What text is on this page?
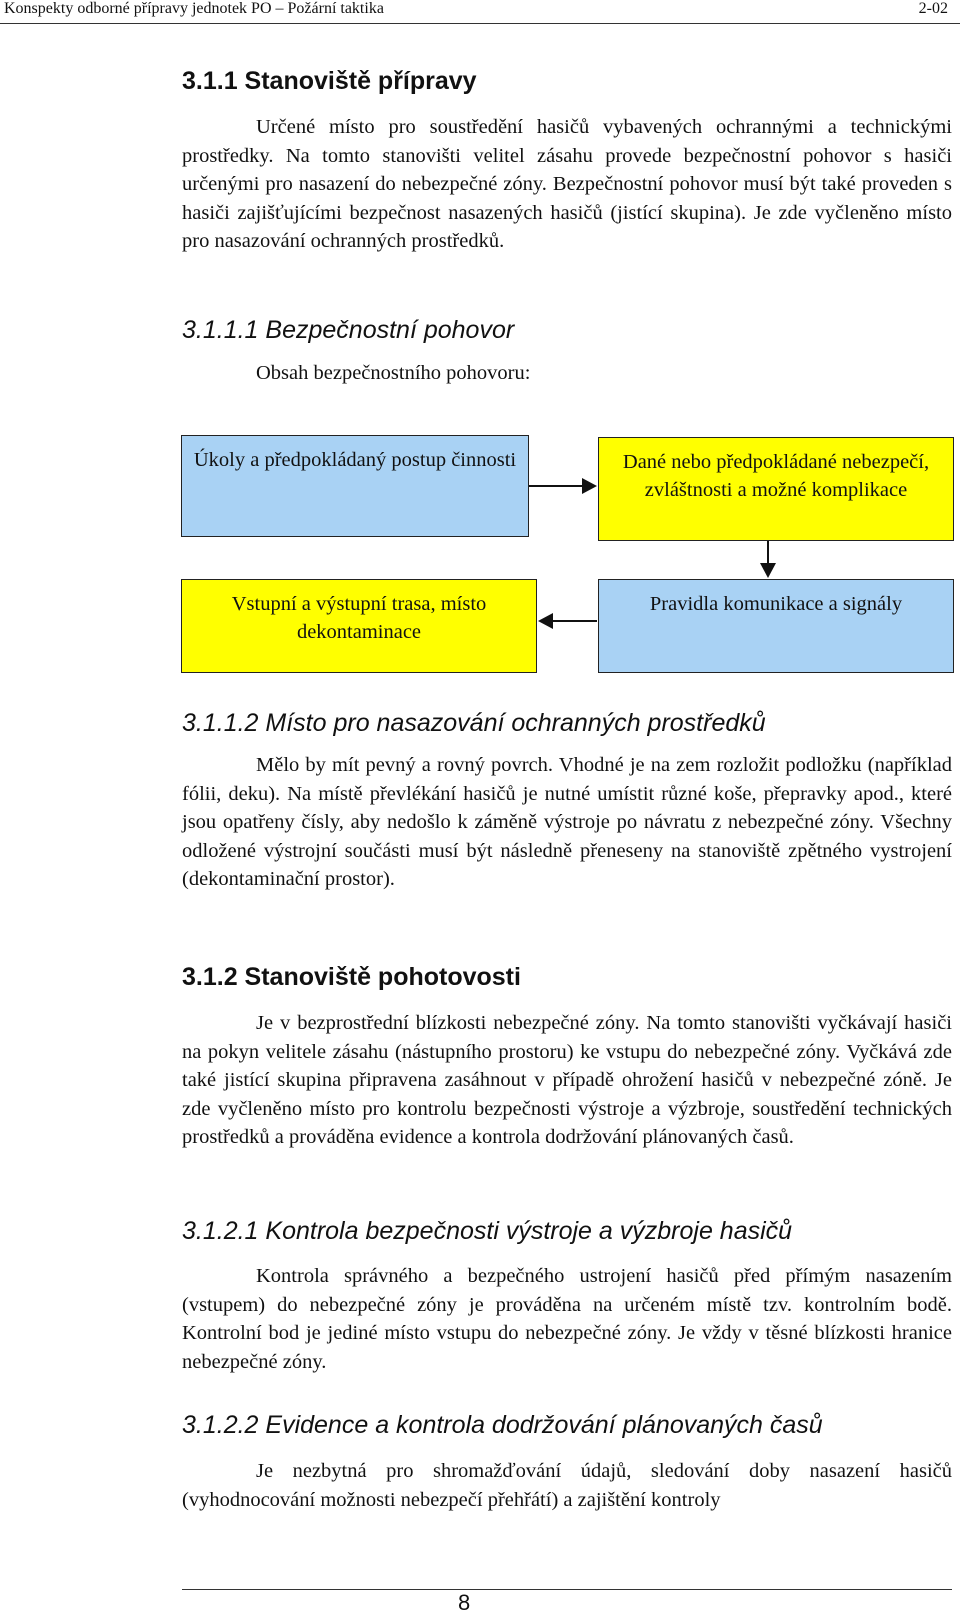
Konspekty odborné přípravy jednotek PO – Požární taktika	2-02
3.1.1 Stanoviště přípravy
Určené místo pro soustředění hasičů vybavených ochrannými a technickými prostředky. Na tomto stanovišti velitel zásahu provede bezpečnostní pohovor s hasiči určenými pro nasazení do nebezpečné zóny. Bezpečnostní pohovor musí být také proveden s hasiči zajišťujícími bezpečnost nasazených hasičů (jistící skupina). Je zde vyčleněno místo pro nasazování ochranných prostředků.
3.1.1.1 Bezpečnostní pohovor
Obsah bezpečnostního pohovoru:
Úkoly a předpokládaný postup činnosti	Dané nebo předpokládané nebezpečí, zvláštnosti a možné komplikace
Vstupní a výstupní trasa, místo dekontaminace
Pravidla komunikace a signály
3.1.1.2 Místo pro nasazování ochranných prostředků
Mělo by mít pevný a rovný povrch. Vhodné je na zem rozložit podložku (například fólii, deku). Na místě převlékání hasičů je nutné umístit různé koše, přepravky apod., které jsou opatřeny čísly, aby nedošlo k záměně výstroje po návratu z nebezpečné zóny. Všechny odložené výstrojní součásti musí být následně přeneseny na stanoviště zpětného vystrojení (dekontaminační prostor).
3.1.2 Stanoviště pohotovosti
Je v bezprostřední blízkosti nebezpečné zóny. Na tomto stanovišti vyčkávají hasiči na pokyn velitele zásahu (nástupního prostoru) ke vstupu do nebezpečné zóny. Vyčkává zde také jistící skupina připravena zasáhnout v případě ohrožení hasičů v nebezpečné zóně. Je zde vyčleněno místo pro kontrolu bezpečnosti výstroje a výzbroje, soustředění technických prostředků a prováděna evidence a kontrola dodržování plánovaných časů.
3.1.2.1 Kontrola bezpečnosti výstroje a výzbroje hasičů
Kontrola správného a bezpečného ustrojení hasičů před přímým nasazením (vstupem) do nebezpečné zóny je prováděna na určeném místě tzv. kontrolním bodě. Kontrolní bod je jediné místo vstupu do nebezpečné zóny. Je vždy v těsné blízkosti hranice nebezpečné zóny.
3.1.2.2 Evidence a kontrola dodržování plánovaných časů
Je nezbytná pro shromažďování údajů, sledování doby nasazení hasičů (vyhodnocování možnosti nebezpečí přehřátí) a zajištění kontroly
8
